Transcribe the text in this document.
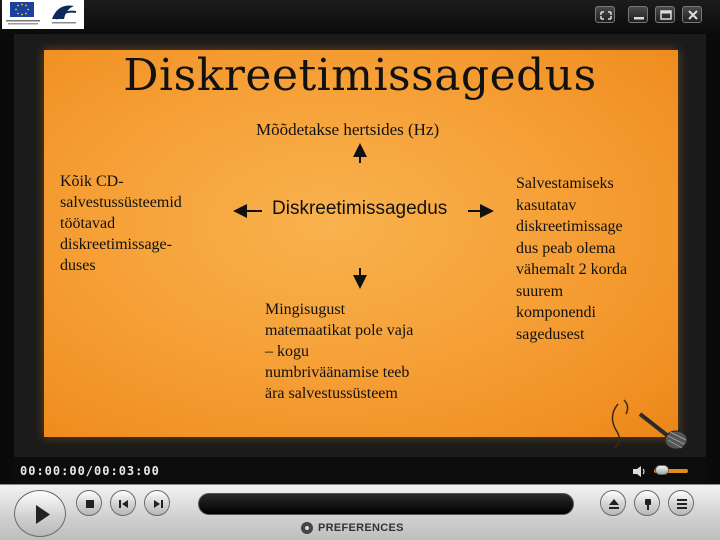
Diskreetimissagedus
Mõõdetakse hertsides (Hz)
Diskreetimissagedus
Kõik CD-
salvestussüsteemid
töötavad
diskreetimissage-
duses
Mingisugust
matemaatikat pole vaja
– kogu
numbriväänamise teeb
ära salvestussüsteem
Salvestamiseks
kasutatav
diskreetimissage
dus peab olema
vähemalt 2 korda
suurem
komponendi
sagedusest
00:00:00/00:03:00
PREFERENCES
